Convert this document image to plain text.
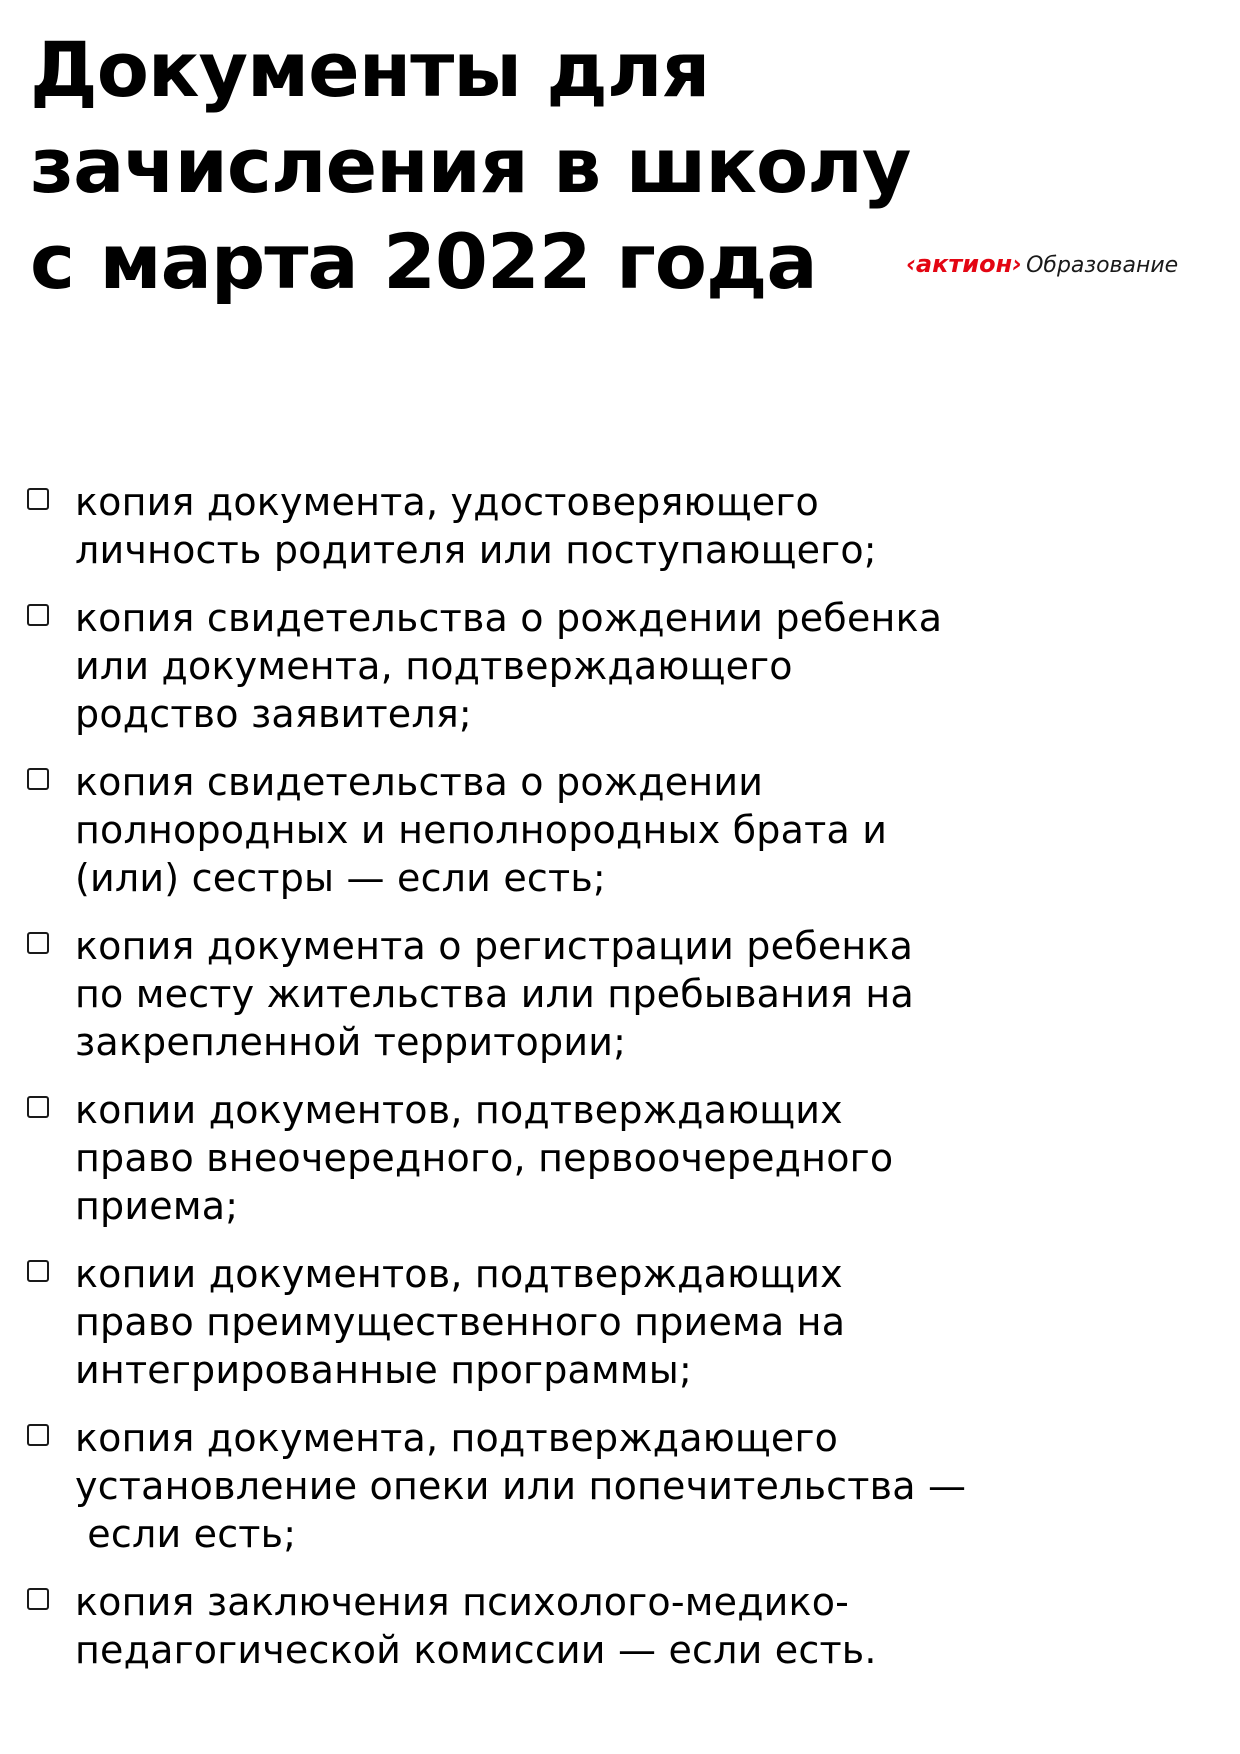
Документы для
зачисления в школу
с марта 2022 года	‹актион› Образование
копия документа, удостоверяющего
личность родителя или поступающего;
копия свидетельства о рождении ребенка
или документа, подтверждающего
родство заявителя;
копия свидетельства о рождении
полнородных и неполнородных брата и
(или) сестры — если есть;
копия документа о регистрации ребенка
по месту жительства или пребывания на
закрепленной территории;
копии документов, подтверждающих
право внеочередного, первоочередного
приема;
копии документов, подтверждающих
право преимущественного приема на
интегрированные программы;
копия документа, подтверждающего
установление опеки или попечительства —
если есть;
копия заключения психолого-медико-
педагогической комиссии — если есть.
